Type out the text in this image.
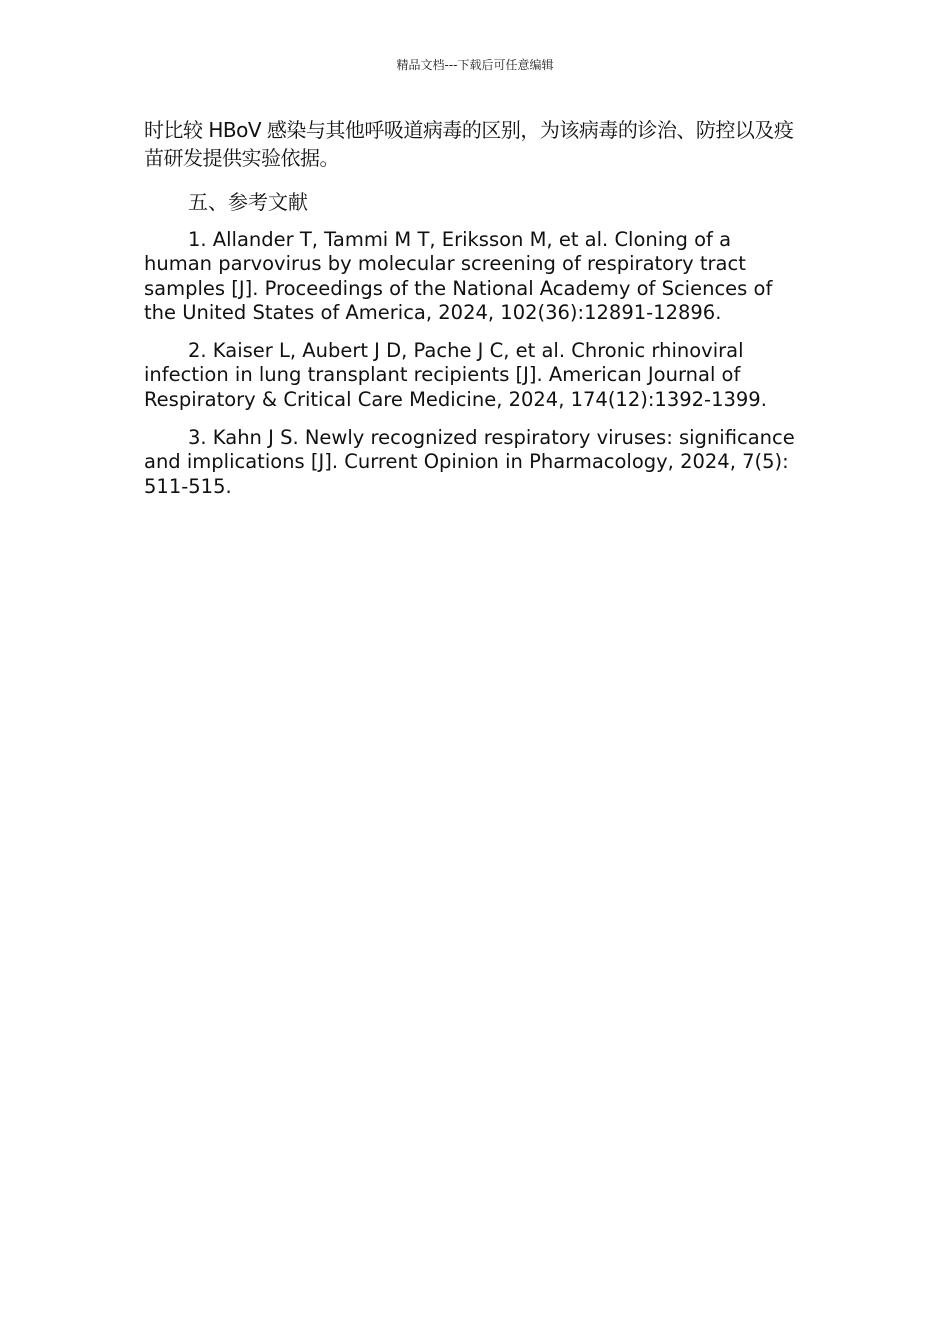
精品文档---下载后可任意编辑

时比较 HBoV 感染与其他呼吸道病毒的区别，为该病毒的诊治、防控以及疫苗研发提供实验依据。

五、参考文献

1. Allander T, Tammi M T, Eriksson M, et al. Cloning of a human parvovirus by molecular screening of respiratory tract samples [J]. Proceedings of the National Academy of Sciences of the United States of America, 2024, 102(36):12891-12896.
2. Kaiser L, Aubert J D, Pache J C, et al. Chronic rhinoviral infection in lung transplant recipients [J]. American Journal of Respiratory & Critical Care Medicine, 2024, 174(12):1392-1399.
3. Kahn J S. Newly recognized respiratory viruses: significance and implications [J]. Current Opinion in Pharmacology, 2024, 7(5): 511-515.
